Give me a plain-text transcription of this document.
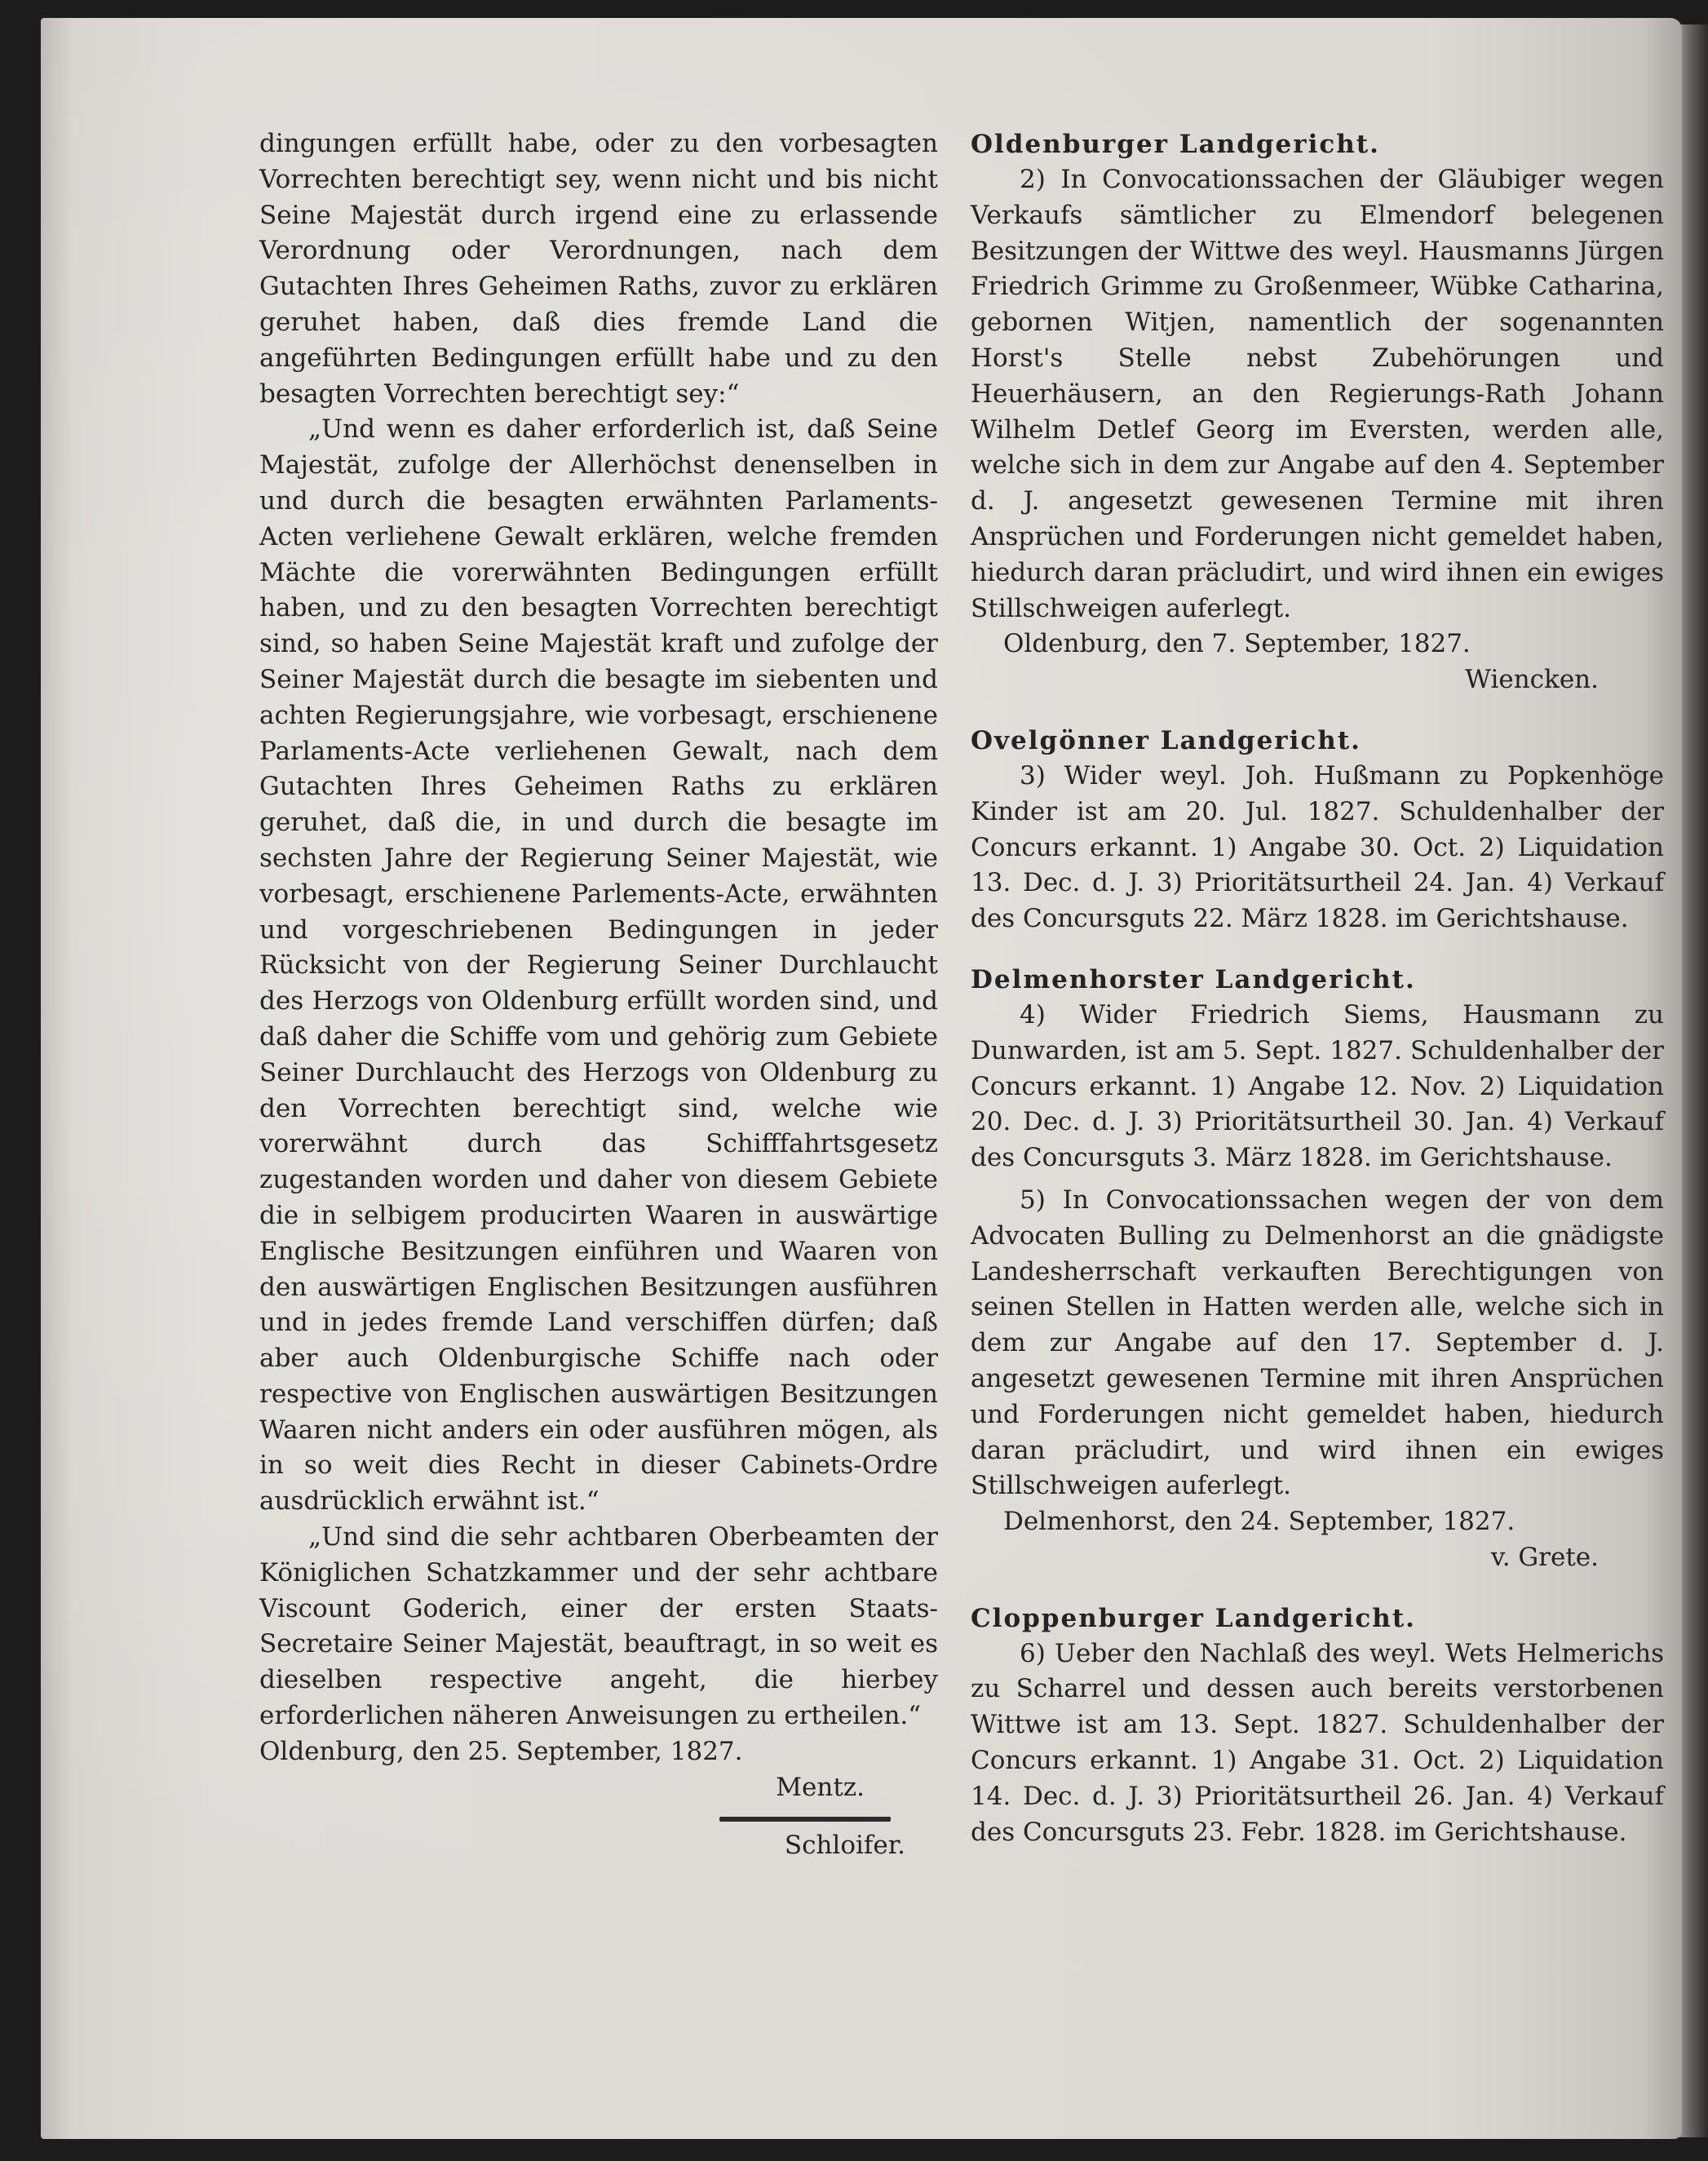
dingungen erfüllt habe, oder zu den vorbesagten Vorrechten berechtigt sey, wenn nicht und bis nicht Seine Majestät durch irgend eine zu erlassende Verordnung oder Verordnungen, nach dem Gutachten Ihres Geheimen Raths, zuvor zu erklären geruhet haben, daß dies fremde Land die angeführten Bedingungen erfüllt habe und zu den besagten Vorrechten berechtigt sey:“

„Und wenn es daher erforderlich ist, daß Seine Majestät, zufolge der Allerhöchst denenselben in und durch die besagten erwähnten Parlaments-Acten verliehene Gewalt erklären, welche fremden Mächte die vorerwähnten Bedingungen erfüllt haben, und zu den besagten Vorrechten berechtigt sind, so haben Seine Majestät kraft und zufolge der Seiner Majestät durch die besagte im siebenten und achten Regierungsjahre, wie vorbesagt, erschienene Parlaments-Acte verliehenen Gewalt, nach dem Gutachten Ihres Geheimen Raths zu erklären geruhet, daß die, in und durch die besagte im sechsten Jahre der Regierung Seiner Majestät, wie vorbesagt, erschienene Parlements-Acte, erwähnten und vorgeschriebenen Bedingungen in jeder Rücksicht von der Regierung Seiner Durchlaucht des Herzogs von Oldenburg erfüllt worden sind, und daß daher die Schiffe vom und gehörig zum Gebiete Seiner Durchlaucht des Herzogs von Oldenburg zu den Vorrechten berechtigt sind, welche wie vorerwähnt durch das Schifffahrtsgesetz zugestanden worden und daher von diesem Gebiete die in selbigem producirten Waaren in auswärtige Englische Besitzungen einführen und Waaren von den auswärtigen Englischen Besitzungen ausführen und in jedes fremde Land verschiffen dürfen; daß aber auch Oldenburgische Schiffe nach oder respective von Englischen auswärtigen Besitzungen Waaren nicht anders ein oder ausführen mögen, als in so weit dies Recht in dieser Cabinets-Ordre ausdrücklich erwähnt ist.“

„Und sind die sehr achtbaren Oberbeamten der Königlichen Schatzkammer und der sehr achtbare Viscount Goderich, einer der ersten Staats-Secretaire Seiner Majestät, beauftragt, in so weit es dieselben respective angeht, die hierbey erforderlichen näheren Anweisungen zu ertheilen.“

Oldenburg, den 25. September, 1827.

Mentz.

Schloifer.

Oldenburger Landgericht.

2) In Convocationssachen der Gläubiger wegen Verkaufs sämtlicher zu Elmendorf belegenen Besitzungen der Wittwe des weyl. Hausmanns Jürgen Friedrich Grimme zu Großenmeer, Wübke Catharina, gebornen Witjen, namentlich der sogenannten Horst's Stelle nebst Zubehörungen und Heuerhäusern, an den Regierungs-Rath Johann Wilhelm Detlef Georg im Eversten, werden alle, welche sich in dem zur Angabe auf den 4. September d. J. angesetzt gewesenen Termine mit ihren Ansprüchen und Forderungen nicht gemeldet haben, hiedurch daran präcludirt, und wird ihnen ein ewiges Stillschweigen auferlegt.

Oldenburg, den 7. September, 1827.

Wiencken.

Ovelgönner Landgericht.

3) Wider weyl. Joh. Hußmann zu Popkenhöge Kinder ist am 20. Jul. 1827. Schuldenhalber der Concurs erkannt. 1) Angabe 30. Oct. 2) Liquidation 13. Dec. d. J. 3) Prioritätsurtheil 24. Jan. 4) Verkauf des Concursguts 22. März 1828. im Gerichtshause.

Delmenhorster Landgericht.

4) Wider Friedrich Siems, Hausmann zu Dunwarden, ist am 5. Sept. 1827. Schuldenhalber der Concurs erkannt. 1) Angabe 12. Nov. 2) Liquidation 20. Dec. d. J. 3) Prioritätsurtheil 30. Jan. 4) Verkauf des Concursguts 3. März 1828. im Gerichtshause.

5) In Convocationssachen wegen der von dem Advocaten Bulling zu Delmenhorst an die gnädigste Landesherrschaft verkauften Berechtigungen von seinen Stellen in Hatten werden alle, welche sich in dem zur Angabe auf den 17. September d. J. angesetzt gewesenen Termine mit ihren Ansprüchen und Forderungen nicht gemeldet haben, hiedurch daran präcludirt, und wird ihnen ein ewiges Stillschweigen auferlegt.

Delmenhorst, den 24. September, 1827.

v. Grete.

Cloppenburger Landgericht.

6) Ueber den Nachlaß des weyl. Wets Helmerichs zu Scharrel und dessen auch bereits verstorbenen Wittwe ist am 13. Sept. 1827. Schuldenhalber der Concurs erkannt. 1) Angabe 31. Oct. 2) Liquidation 14. Dec. d. J. 3) Prioritätsurtheil 26. Jan. 4) Verkauf des Concursguts 23. Febr. 1828. im Gerichtshause.
